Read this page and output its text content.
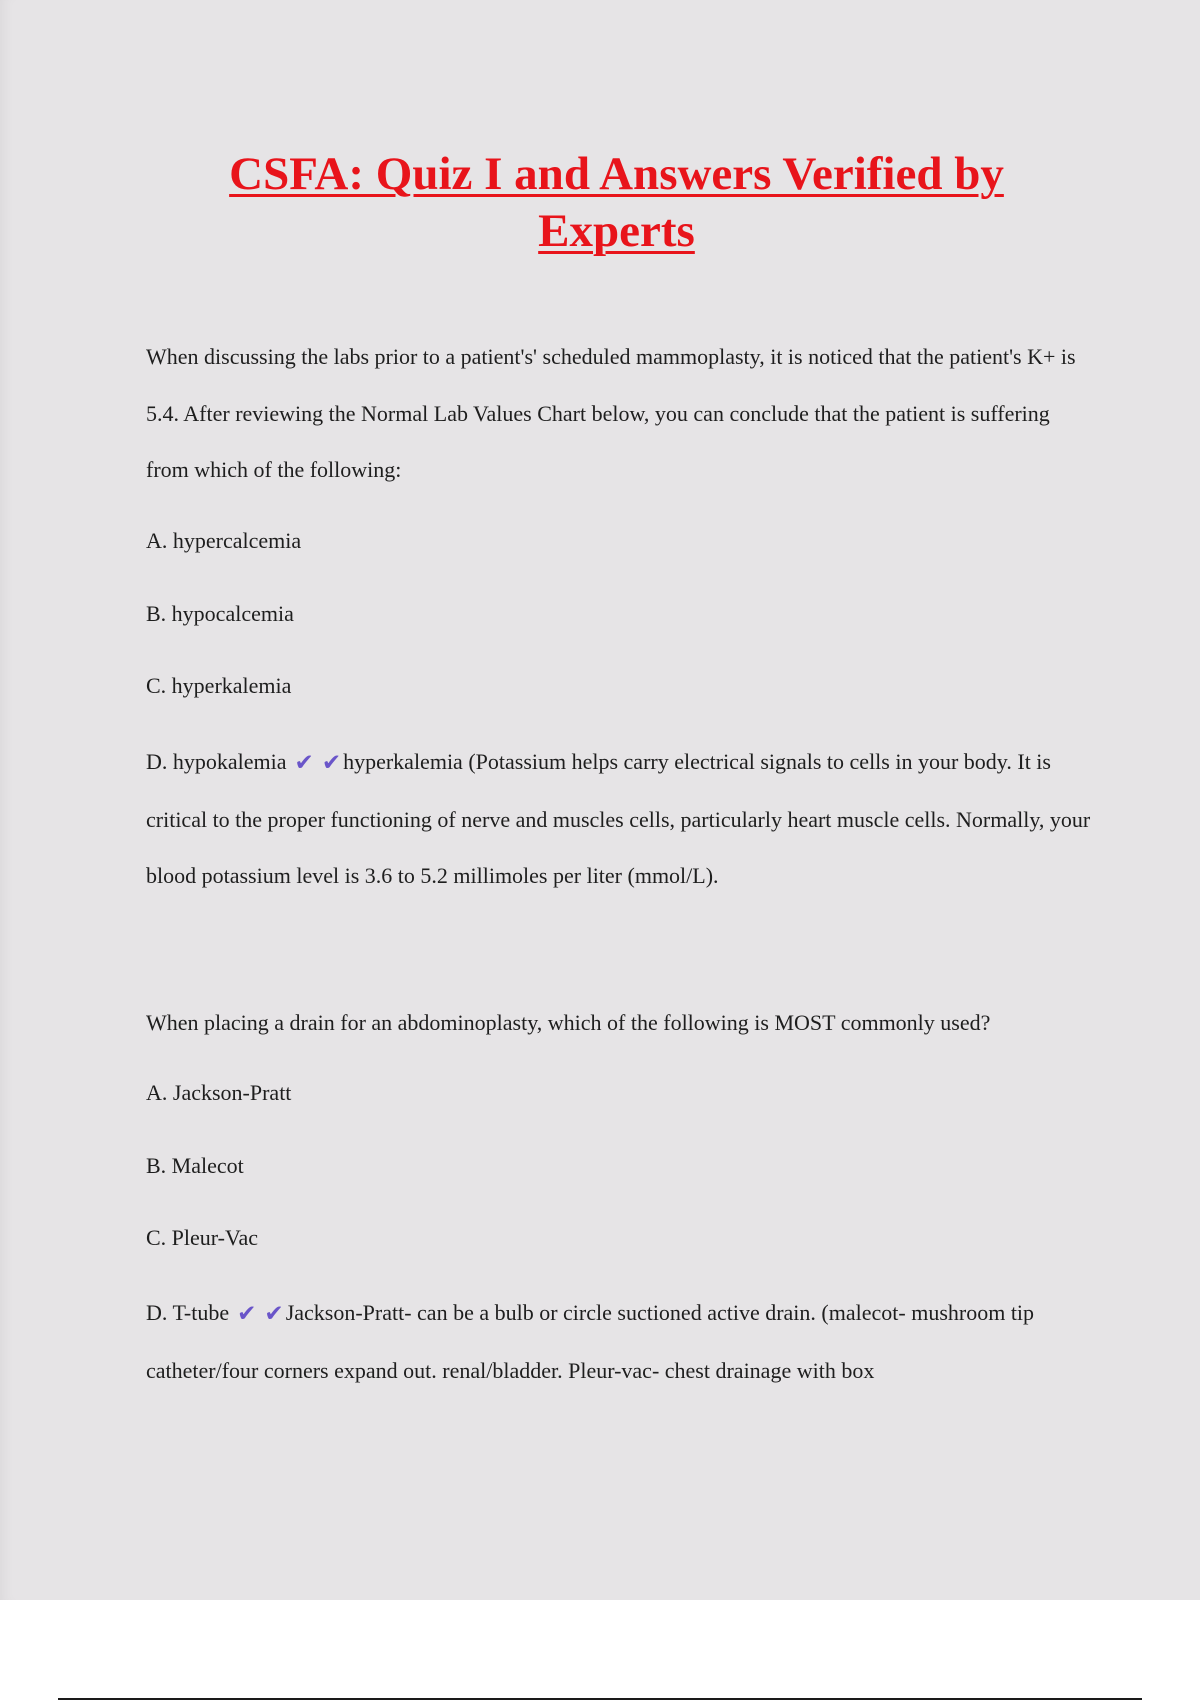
CSFA: Quiz I and Answers Verified by
Experts

When discussing the labs prior to a patient's' scheduled mammoplasty, it is noticed that the patient's K+ is 5.4. After reviewing the Normal Lab Values Chart below, you can conclude that the patient is suffering from which of the following:

A. hypercalcemia
B. hypocalcemia
C. hyperkalemia

D. hypokalemia ✔ ✔hyperkalemia (Potassium helps carry electrical signals to cells in your body. It is critical to the proper functioning of nerve and muscles cells, particularly heart muscle cells. Normally, your blood potassium level is 3.6 to 5.2 millimoles per liter (mmol/L).

When placing a drain for an abdominoplasty, which of the following is MOST commonly used?
A. Jackson-Pratt
B. Malecot
C. Pleur-Vac

D. T-tube ✔ ✔Jackson-Pratt- can be a bulb or circle suctioned active drain. (malecot- mushroom tip catheter/four corners expand out. renal/bladder. Pleur-vac- chest drainage with box
